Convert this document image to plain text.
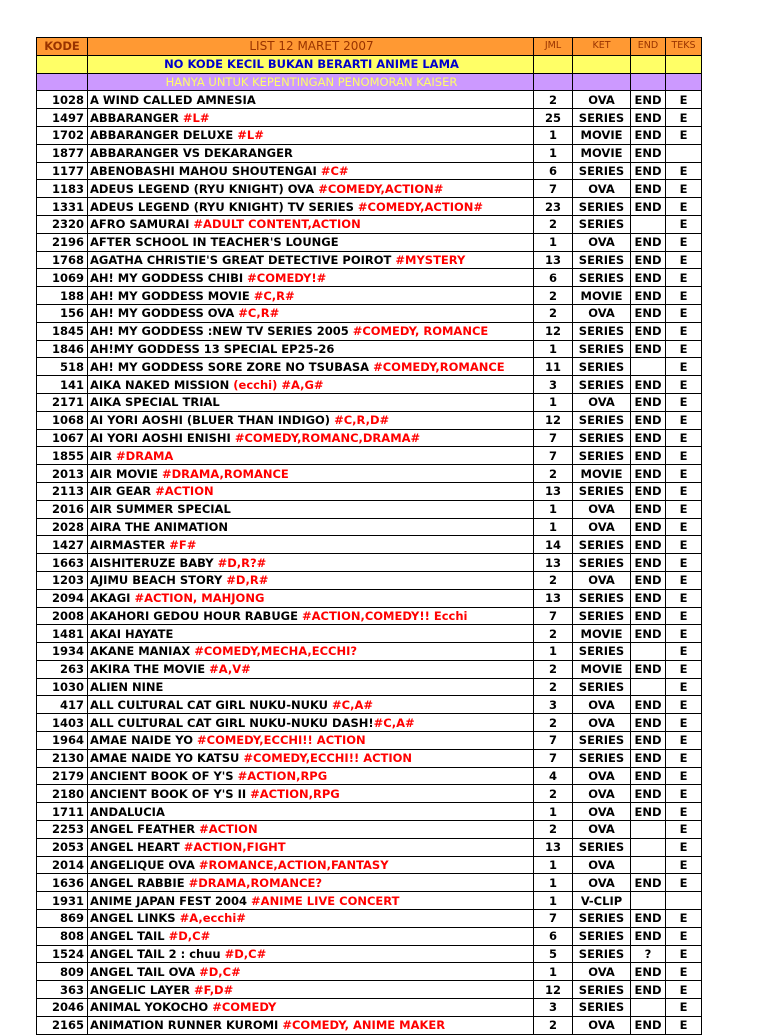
KODE	LIST 12 MARET 2007	JML	KET	END	TEKS
	NO KODE KECIL BUKAN BERARTI ANIME LAMA				
	HANYA UNTUK KEPENTINGAN PENOMORAN KAISER				
1028	A WIND CALLED AMNESIA	2	OVA	END	E
1497	ABBARANGER #L#	25	SERIES	END	E
1702	ABBARANGER DELUXE #L#	1	MOVIE	END	E
1877	ABBARANGER VS DEKARANGER	1	MOVIE	END	
1177	ABENOBASHI MAHOU SHOUTENGAI #C#	6	SERIES	END	E
1183	ADEUS LEGEND (RYU KNIGHT) OVA #COMEDY,ACTION#	7	OVA	END	E
1331	ADEUS LEGEND (RYU KNIGHT) TV SERIES #COMEDY,ACTION#	23	SERIES	END	E
2320	AFRO SAMURAI #ADULT CONTENT,ACTION	2	SERIES		E
2196	AFTER SCHOOL IN TEACHER'S LOUNGE	1	OVA	END	E
1768	AGATHA CHRISTIE'S GREAT DETECTIVE POIROT #MYSTERY	13	SERIES	END	E
1069	AH! MY GODDESS CHIBI #COMEDY!#	6	SERIES	END	E
188	AH! MY GODDESS MOVIE #C,R#	2	MOVIE	END	E
156	AH! MY GODDESS OVA #C,R#	2	OVA	END	E
1845	AH! MY GODDESS :NEW TV SERIES 2005 #COMEDY, ROMANCE	12	SERIES	END	E
1846	AH!MY GODDESS 13 SPECIAL EP25-26	1	SERIES	END	E
518	AH! MY GODDESS SORE ZORE NO TSUBASA #COMEDY,ROMANCE	11	SERIES		E
141	AIKA NAKED MISSION (ecchi) #A,G#	3	SERIES	END	E
2171	AIKA SPECIAL TRIAL	1	OVA	END	E
1068	AI YORI AOSHI (BLUER THAN INDIGO) #C,R,D#	12	SERIES	END	E
1067	AI YORI AOSHI ENISHI #COMEDY,ROMANC,DRAMA#	7	SERIES	END	E
1855	AIR #DRAMA	7	SERIES	END	E
2013	AIR MOVIE #DRAMA,ROMANCE	2	MOVIE	END	E
2113	AIR GEAR #ACTION	13	SERIES	END	E
2016	AIR SUMMER SPECIAL	1	OVA	END	E
2028	AIRA THE ANIMATION	1	OVA	END	E
1427	AIRMASTER #F#	14	SERIES	END	E
1663	AISHITERUZE BABY #D,R?#	13	SERIES	END	E
1203	AJIMU BEACH STORY #D,R#	2	OVA	END	E
2094	AKAGI #ACTION, MAHJONG	13	SERIES	END	E
2008	AKAHORI GEDOU HOUR RABUGE #ACTION,COMEDY!! Ecchi	7	SERIES	END	E
1481	AKAI HAYATE	2	MOVIE	END	E
1934	AKANE MANIAX #COMEDY,MECHA,ECCHI?	1	SERIES		E
263	AKIRA THE MOVIE #A,V#	2	MOVIE	END	E
1030	ALIEN NINE	2	SERIES		E
417	ALL CULTURAL CAT GIRL NUKU-NUKU #C,A#	3	OVA	END	E
1403	ALL CULTURAL CAT GIRL NUKU-NUKU DASH!#C,A#	2	OVA	END	E
1964	AMAE NAIDE YO #COMEDY,ECCHI!! ACTION	7	SERIES	END	E
2130	AMAE NAIDE YO KATSU #COMEDY,ECCHI!! ACTION	7	SERIES	END	E
2179	ANCIENT BOOK OF Y'S #ACTION,RPG	4	OVA	END	E
2180	ANCIENT BOOK OF Y'S II #ACTION,RPG	2	OVA	END	E
1711	ANDALUCIA	1	OVA	END	E
2253	ANGEL FEATHER #ACTION	2	OVA		E
2053	ANGEL HEART #ACTION,FIGHT	13	SERIES		E
2014	ANGELIQUE OVA #ROMANCE,ACTION,FANTASY	1	OVA		E
1636	ANGEL RABBIE #DRAMA,ROMANCE?	1	OVA	END	E
1931	ANIME JAPAN FEST 2004 #ANIME LIVE CONCERT	1	V-CLIP		
869	ANGEL LINKS #A,ecchi#	7	SERIES	END	E
808	ANGEL TAIL #D,C#	6	SERIES	END	E
1524	ANGEL TAIL 2 : chuu #D,C#	5	SERIES	?	E
809	ANGEL TAIL OVA #D,C#	1	OVA	END	E
363	ANGELIC LAYER #F,D#	12	SERIES	END	E
2046	ANIMAL YOKOCHO #COMEDY	3	SERIES		E
2165	ANIMATION RUNNER KUROMI #COMEDY, ANIME MAKER	2	OVA	END	E
